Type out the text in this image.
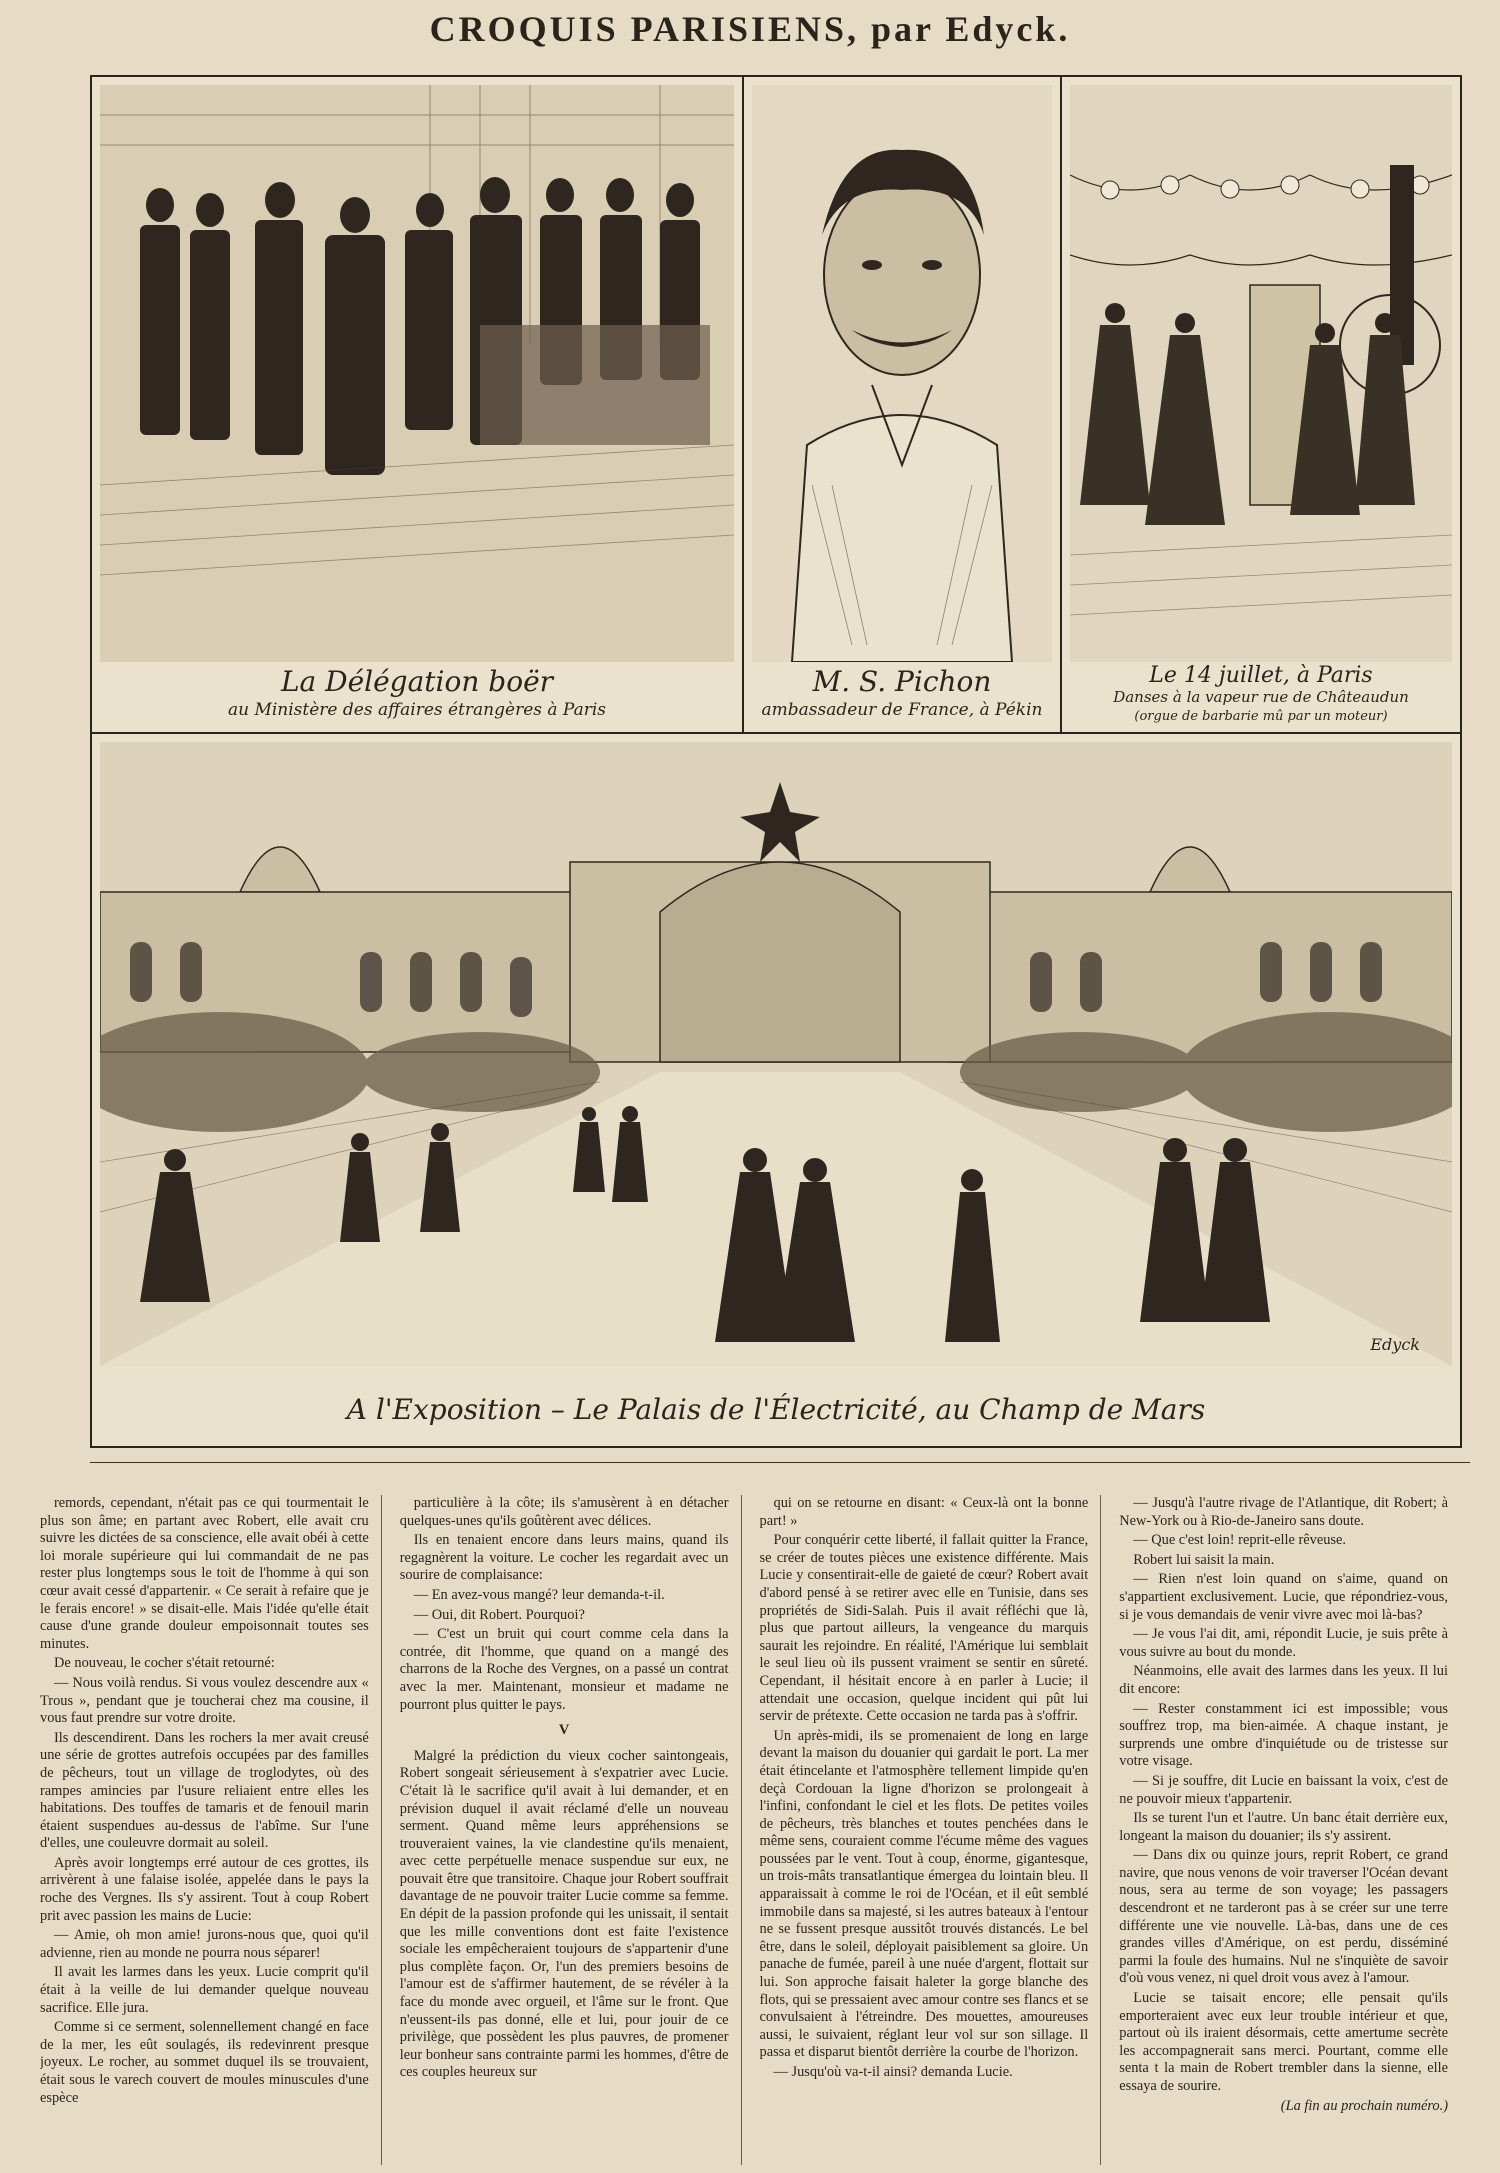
CROQUIS PARISIENS, par Edyck.
La Délégation boër
au Ministère des affaires étrangères à Paris
M. S. Pichon
ambassadeur de France, à Pékin
Le 14 juillet, à Paris
Danses à la vapeur rue de Châteaudun
(orgue de barbarie mû par un moteur)
Edyck
A l'Exposition – Le Palais de l'Électricité, au Champ de Mars

remords, cependant, n'était pas ce qui tourmentait le plus son âme; en partant avec Robert, elle avait cru suivre les dictées de sa conscience, elle avait obéi à cette loi morale supérieure qui lui commandait de ne pas rester plus longtemps sous le toit de l'homme à qui son cœur avait cessé d'appartenir. « Ce serait à refaire que je le ferais encore! » se disait-elle. Mais l'idée qu'elle était cause d'une grande douleur empoisonnait toutes ses minutes.

De nouveau, le cocher s'était retourné:

— Nous voilà rendus. Si vous voulez descendre aux « Trous », pendant que je toucherai chez ma cousine, il vous faut prendre sur votre droite.

Ils descendirent. Dans les rochers la mer avait creusé une série de grottes autrefois occupées par des familles de pêcheurs, tout un village de troglodytes, où des rampes amincies par l'usure reliaient entre elles les habitations. Des touffes de tamaris et de fenouil marin étaient suspendues au-dessus de l'abîme. Sur l'une d'elles, une couleuvre dormait au soleil.

Après avoir longtemps erré autour de ces grottes, ils arrivèrent à une falaise isolée, appelée dans le pays la roche des Vergnes. Ils s'y assirent. Tout à coup Robert prit avec passion les mains de Lucie:

— Amie, oh mon amie! jurons-nous que, quoi qu'il advienne, rien au monde ne pourra nous séparer!

Il avait les larmes dans les yeux. Lucie comprit qu'il était à la veille de lui demander quelque nouveau sacrifice. Elle jura.

Comme si ce serment, solennellement changé en face de la mer, les eût soulagés, ils redevinrent presque joyeux. Le rocher, au sommet duquel ils se trouvaient, était sous le varech couvert de moules minuscules d'une espèce

particulière à la côte; ils s'amusèrent à en détacher quelques-unes qu'ils goûtèrent avec délices.

Ils en tenaient encore dans leurs mains, quand ils regagnèrent la voiture. Le cocher les regardait avec un sourire de complaisance:

— En avez-vous mangé? leur demanda-t-il.

— Oui, dit Robert. Pourquoi?

— C'est un bruit qui court comme cela dans la contrée, dit l'homme, que quand on a mangé des charrons de la Roche des Vergnes, on a passé un contrat avec la mer. Maintenant, monsieur et madame ne pourront plus quitter le pays.

V

Malgré la prédiction du vieux cocher saintongeais, Robert songeait sérieusement à s'expatrier avec Lucie. C'était là le sacrifice qu'il avait à lui demander, et en prévision duquel il avait réclamé d'elle un nouveau serment. Quand même leurs appréhensions se trouveraient vaines, la vie clandestine qu'ils menaient, avec cette perpétuelle menace suspendue sur eux, ne pouvait être que transitoire. Chaque jour Robert souffrait davantage de ne pouvoir traiter Lucie comme sa femme. En dépit de la passion profonde qui les unissait, il sentait que les mille conventions dont est faite l'existence sociale les empêcheraient toujours de s'appartenir d'une plus complète façon. Or, l'un des premiers besoins de l'amour est de s'affirmer hautement, de se révéler à la face du monde avec orgueil, et l'âme sur le front. Que n'eussent-ils pas donné, elle et lui, pour jouir de ce privilège, que possèdent les plus pauvres, de promener leur bonheur sans contrainte parmi les hommes, d'être de ces couples heureux sur

qui on se retourne en disant: « Ceux-là ont la bonne part! »

Pour conquérir cette liberté, il fallait quitter la France, se créer de toutes pièces une existence différente. Mais Lucie y consentirait-elle de gaieté de cœur? Robert avait d'abord pensé à se retirer avec elle en Tunisie, dans ses propriétés de Sidi-Salah. Puis il avait réfléchi que là, plus que partout ailleurs, la vengeance du marquis saurait les rejoindre. En réalité, l'Amérique lui semblait le seul lieu où ils pussent vraiment se sentir en sûreté. Cependant, il hésitait encore à en parler à Lucie; il attendait une occasion, quelque incident qui pût lui servir de prétexte. Cette occasion ne tarda pas à s'offrir.

Un après-midi, ils se promenaient de long en large devant la maison du douanier qui gardait le port. La mer était étincelante et l'atmosphère tellement limpide qu'en deçà Cordouan la ligne d'horizon se prolongeait à l'infini, confondant le ciel et les flots. De petites voiles de pêcheurs, très blanches et toutes penchées dans le même sens, couraient comme l'écume même des vagues poussées par le vent. Tout à coup, énorme, gigantesque, un trois-mâts transatlantique émergea du lointain bleu. Il apparaissait à comme le roi de l'Océan, et il eût semblé immobile dans sa majesté, si les autres bateaux à l'entour ne se fussent presque aussitôt trouvés distancés. Le bel être, dans le soleil, déployait paisiblement sa gloire. Un panache de fumée, pareil à une nuée d'argent, flottait sur lui. Son approche faisait haleter la gorge blanche des flots, qui se pressaient avec amour contre ses flancs et se convulsaient à l'étreindre. Des mouettes, amoureuses aussi, le suivaient, réglant leur vol sur son sillage. Il passa et disparut bientôt derrière la courbe de l'horizon.

— Jusqu'où va-t-il ainsi? demanda Lucie.

— Jusqu'à l'autre rivage de l'Atlantique, dit Robert; à New-York ou à Rio-de-Janeiro sans doute.

— Que c'est loin! reprit-elle rêveuse.

Robert lui saisit la main.

— Rien n'est loin quand on s'aime, quand on s'appartient exclusivement. Lucie, que répondriez-vous, si je vous demandais de venir vivre avec moi là-bas?

— Je vous l'ai dit, ami, répondit Lucie, je suis prête à vous suivre au bout du monde.

Néanmoins, elle avait des larmes dans les yeux. Il lui dit encore:

— Rester constamment ici est impossible; vous souffrez trop, ma bien-aimée. A chaque instant, je surprends une ombre d'inquiétude ou de tristesse sur votre visage.

— Si je souffre, dit Lucie en baissant la voix, c'est de ne pouvoir mieux t'appartenir.

Ils se turent l'un et l'autre. Un banc était derrière eux, longeant la maison du douanier; ils s'y assirent.

— Dans dix ou quinze jours, reprit Robert, ce grand navire, que nous venons de voir traverser l'Océan devant nous, sera au terme de son voyage; les passagers descendront et ne tarderont pas à se créer sur une terre différente une vie nouvelle. Là-bas, dans une de ces grandes villes d'Amérique, on est perdu, disséminé parmi la foule des humains. Nul ne s'inquiète de savoir d'où vous venez, ni quel droit vous avez à l'amour.

Lucie se taisait encore; elle pensait qu'ils emporteraient avec eux leur trouble intérieur et que, partout où ils iraient désormais, cette amertume secrète les accompagnerait sans merci. Pourtant, comme elle senta t la main de Robert trembler dans la sienne, elle essaya de sourire.

(La fin au prochain numéro.)
